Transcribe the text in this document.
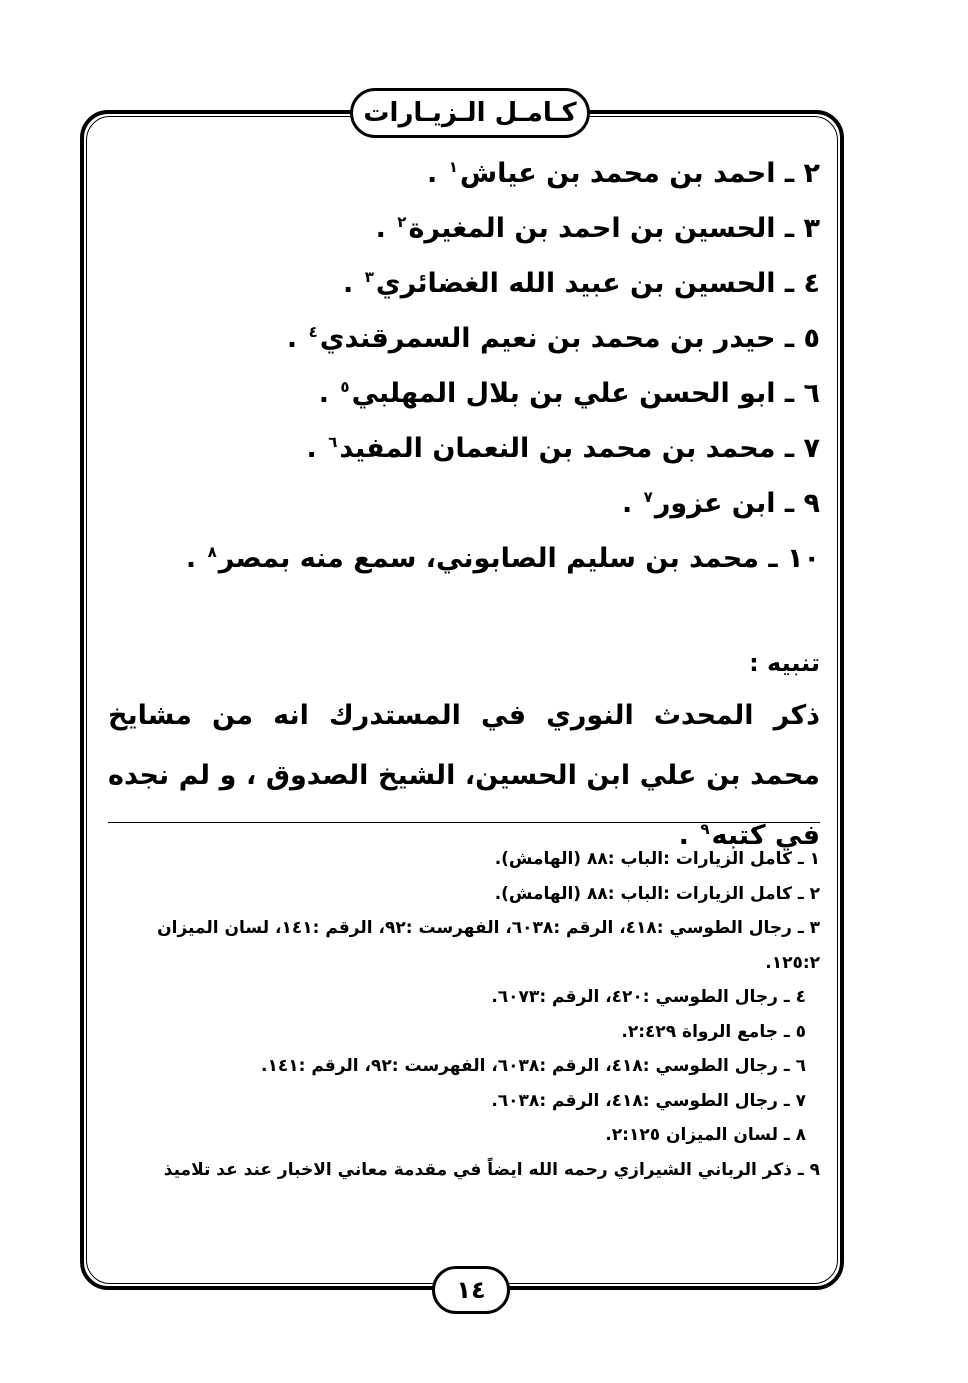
كـامـل الـزيـارات
٢ ـ احمد بن محمد بن عياش$^١$ .
٣ ـ الحسين بن احمد بن المغيرة$^٢$ .
٤ ـ الحسين بن عبيد الله الغضائري$^٣$ .
٥ ـ حيدر بن محمد بن نعيم السمرقندي$^٤$ .
٦ ـ ابو الحسن علي بن بلال المهلبي$^٥$ .
٧ ـ محمد بن محمد بن النعمان المفيد$^٦$ .
٩ ـ ابن عزور$^٧$ .
١٠ ـ محمد بن سليم الصابوني، سمع منه بمصر$^٨$ .
تنبيه :
ذكر المحدث النوري في المستدرك انه من مشايخ محمد بن علي ابن الحسين، الشيخ الصدوق ، و لم نجده في كتبه$^٩$ .
١ ـ كامل الزيارات :الباب :٨٨ (الهامش).
٢ ـ كامل الزيارات :الباب :٨٨ (الهامش).
٣ ـ رجال الطوسي :٤١٨، الرقم :٦٠٣٨، الفهرست :٩٢، الرقم :١٤١، لسان الميزان
١٢٥:٢.
٤ ـ رجال الطوسي :٤٢٠، الرقم :٦٠٧٣.
٥ ـ جامع الرواة ٢:٤٢٩.
٦ ـ رجال الطوسي :٤١٨، الرقم :٦٠٣٨، الفهرست :٩٢، الرقم :١٤١.
٧ ـ رجال الطوسي :٤١٨، الرقم :٦٠٣٨.
٨ ـ لسان الميزان ٢:١٢٥.
٩ ـ ذكر الرباني الشيرازي رحمه الله ايضاً في مقدمة معاني الاخبار عند عد تلاميذ
١٤
